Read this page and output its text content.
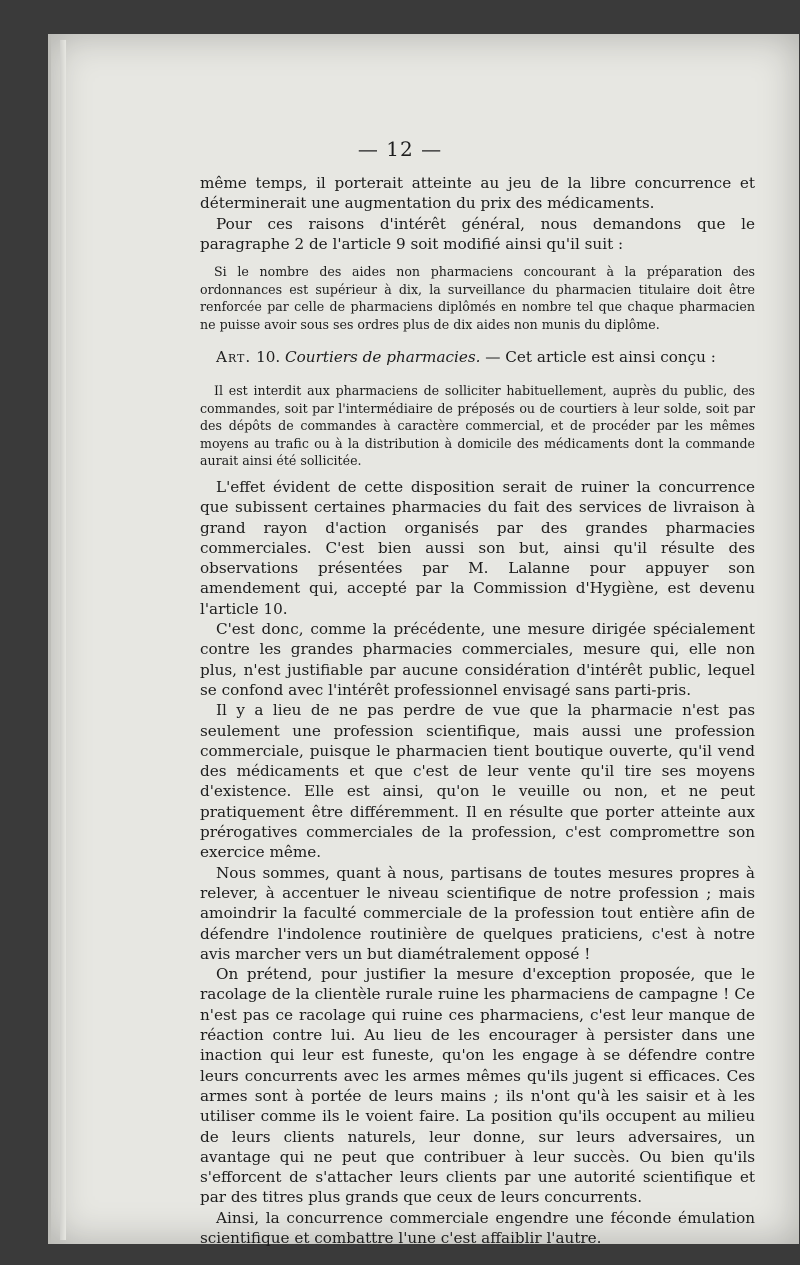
— 12 —

même temps, il porterait atteinte au jeu de la libre concurrence et déterminerait une augmentation du prix des médicaments.

Pour ces raisons d'intérêt général, nous demandons que le paragraphe 2 de l'article 9 soit modifié ainsi qu'il suit :

Si le nombre des aides non pharmaciens concourant à la préparation des ordonnances est supérieur à dix, la surveillance du pharmacien titulaire doit être renforcée par celle de pharmaciens diplômés en nombre tel que chaque pharmacien ne puisse avoir sous ses ordres plus de dix aides non munis du diplôme.

Art. 10. Courtiers de pharmacies. — Cet article est ainsi conçu :

Il est interdit aux pharmaciens de solliciter habituellement, auprès du public, des commandes, soit par l'intermédiaire de préposés ou de courtiers à leur solde, soit par des dépôts de commandes à caractère commercial, et de procéder par les mêmes moyens au trafic ou à la distribution à domicile des médicaments dont la commande aurait ainsi été sollicitée.

L'effet évident de cette disposition serait de ruiner la concurrence que subissent certaines pharmacies du fait des services de livraison à grand rayon d'action organisés par des grandes pharmacies commerciales. C'est bien aussi son but, ainsi qu'il résulte des observations présentées par M. Lalanne pour appuyer son amendement qui, accepté par la Commission d'Hygiène, est devenu l'article 10.

C'est donc, comme la précédente, une mesure dirigée spécialement contre les grandes pharmacies commerciales, mesure qui, elle non plus, n'est justifiable par aucune considération d'intérêt public, lequel se confond avec l'intérêt professionnel envisagé sans parti-pris.

Il y a lieu de ne pas perdre de vue que la pharmacie n'est pas seulement une profession scientifique, mais aussi une profession commerciale, puisque le pharmacien tient boutique ouverte, qu'il vend des médicaments et que c'est de leur vente qu'il tire ses moyens d'existence. Elle est ainsi, qu'on le veuille ou non, et ne peut pratiquement être différemment. Il en résulte que porter atteinte aux prérogatives commerciales de la profession, c'est compromettre son exercice même.

Nous sommes, quant à nous, partisans de toutes mesures propres à relever, à accentuer le niveau scientifique de notre profession ; mais amoindrir la faculté commerciale de la profession tout entière afin de défendre l'indolence routinière de quelques praticiens, c'est à notre avis marcher vers un but diamétralement opposé !

On prétend, pour justifier la mesure d'exception proposée, que le racolage de la clientèle rurale ruine les pharmaciens de campagne ! Ce n'est pas ce racolage qui ruine ces pharmaciens, c'est leur manque de réaction contre lui. Au lieu de les encourager à persister dans une inaction qui leur est funeste, qu'on les engage à se défendre contre leurs concurrents avec les armes mêmes qu'ils jugent si efficaces. Ces armes sont à portée de leurs mains ; ils n'ont qu'à les saisir et à les utiliser comme ils le voient faire. La position qu'ils occupent au milieu de leurs clients naturels, leur donne, sur leurs adversaires, un avantage qui ne peut que contribuer à leur succès. Ou bien qu'ils s'efforcent de s'attacher leurs clients par une autorité scientifique et par des titres plus grands que ceux de leurs concurrents.

Ainsi, la concurrence commerciale engendre une féconde émulation scientifique et combattre l'une c'est affaiblir l'autre.
